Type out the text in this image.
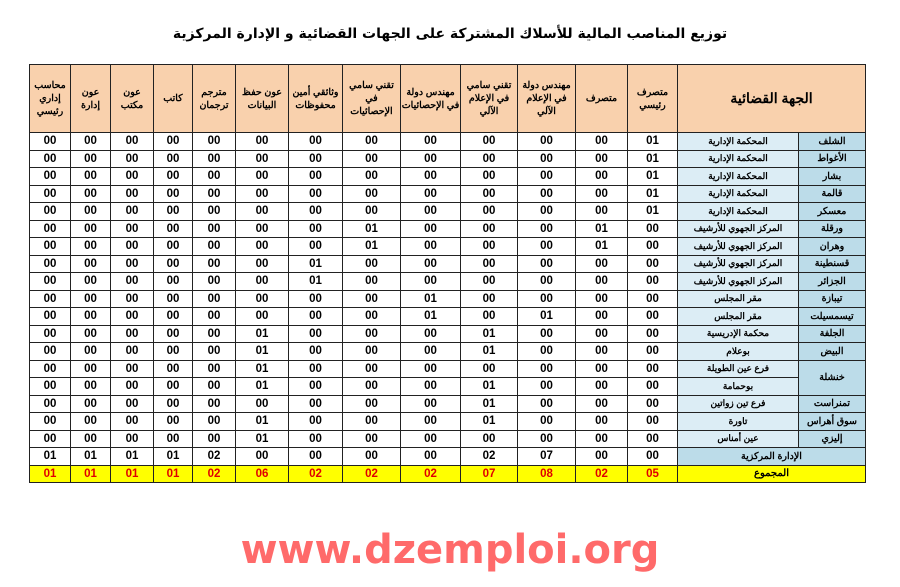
توزيع المناصب المالية للأسلاك المشتركة على الجهات القضائية و الإدارة المركزية
الجهة القضائية		متصرف رئيسي	متصرف	مهندس دولة في الإعلام الآلي	تقني سامي في الإعلام الآلي	مهندس دولة في الإحصائيات	تقني سامي في الإحصائيات	وثائقي أمين محفوظات	عون حفظ البيانات	مترجم ترجمان	كاتب	عون مكتب	عون إدارة	محاسب إداري رئيسي
الشلف	المحكمة الإدارية	01	00	00	00	00	00	00	00	00	00	00	00	00
الأغواط	المحكمة الإدارية	01	00	00	00	00	00	00	00	00	00	00	00	00
بشار	المحكمة الإدارية	01	00	00	00	00	00	00	00	00	00	00	00	00
قالمة	المحكمة الإدارية	01	00	00	00	00	00	00	00	00	00	00	00	00
معسكر	المحكمة الإدارية	01	00	00	00	00	00	00	00	00	00	00	00	00
ورقلة	المركز الجهوي للأرشيف	00	01	00	00	00	01	00	00	00	00	00	00	00
وهران	المركز الجهوي للأرشيف	00	01	00	00	00	01	00	00	00	00	00	00	00
قسنطينة	المركز الجهوي للأرشيف	00	00	00	00	00	00	01	00	00	00	00	00	00
الجزائر	المركز الجهوي للأرشيف	00	00	00	00	00	00	01	00	00	00	00	00	00
تيبازة	مقر المجلس	00	00	00	00	01	00	00	00	00	00	00	00	00
تيسمسيلت	مقر المجلس	00	00	01	00	01	00	00	00	00	00	00	00	00
الجلفة	محكمة الإدريسية	00	00	00	01	00	00	00	01	00	00	00	00	00
البيض	بوعلام	00	00	00	01	00	00	00	01	00	00	00	00	00
خنشلة	فرع عين الطويلة	00	00	00	00	00	00	00	01	00	00	00	00	00
	بوحمامة	00	00	00	01	00	00	00	01	00	00	00	00	00
تمنراست	فرع تين زواتين	00	00	00	01	00	00	00	00	00	00	00	00	00
سوق أهراس	تاورة	00	00	00	01	00	00	00	01	00	00	00	00	00
إليزي	عين أمناس	00	00	00	00	00	00	00	01	00	00	00	00	00
الإدارة المركزية		00	00	07	02	00	00	00	00	02	01	01	01	01
المجموع		05	02	08	07	02	02	02	06	02	01	01	01	01
www.dzemploi.org
